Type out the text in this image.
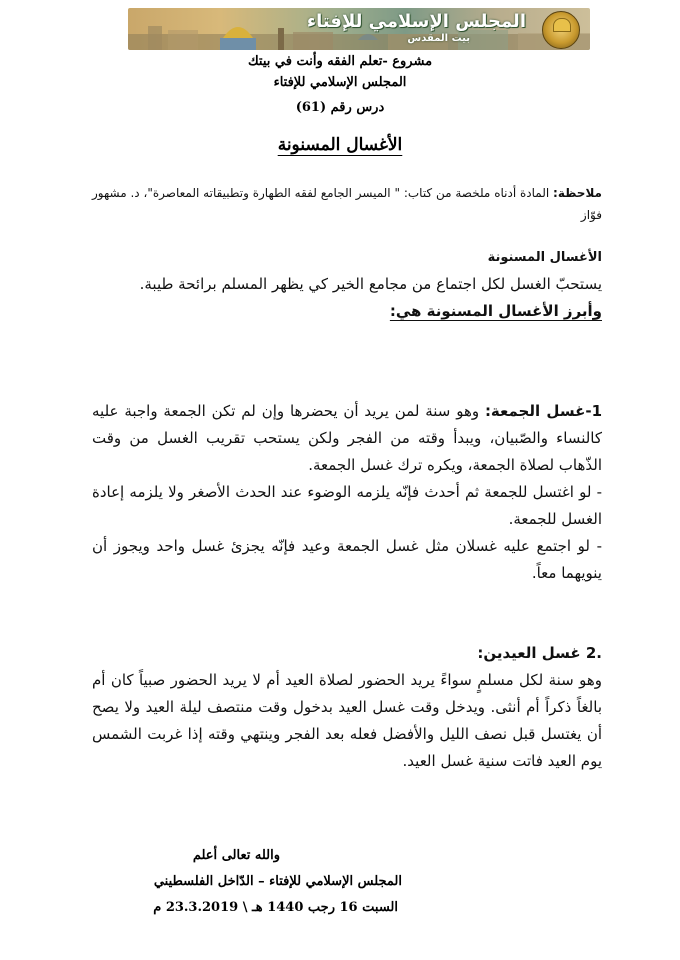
المجلس الإسلامي للإفتاء
بيت المقدس
مشروع -تعلم الفقه وأنت في بيتك
المجلس الإسلامي للإفتاء
درس رقم (61)
الأغسال المسنونة
ملاحظة: المادة أدناه ملخصة من كتاب: " الميسر الجامع لفقه الطهارة وتطبيقاته المعاصرة"، د. مشهور فوّاز
الأغسال المسنونة
يستحبّ الغسل لكل اجتماع من مجامع الخير كي يظهر المسلم برائحة طيبة.
وأبرز الأغسال المسنونة هي:
1-غسل الجمعة: وهو سنة لمن يريد أن يحضرها وإن لم تكن الجمعة واجبة عليه كالنساء والصّبيان، ويبدأ وقته من الفجر ولكن يستحب تقريب الغسل من وقت الذّهاب لصلاة الجمعة، ويكره ترك غسل الجمعة.
- لو اغتسل للجمعة ثم أحدث فإنّه يلزمه الوضوء عند الحدث الأصغر ولا يلزمه إعادة الغسل للجمعة.
- لو اجتمع عليه غسلان مثل غسل الجمعة وعيد فإنّه يجزئ غسل واحد ويجوز أن ينويهما معاً.
.2 غسل العيدين:
وهو سنة لكل مسلمٍ سواءً يريد الحضور لصلاة العيد أم لا يريد الحضور صبياً كان أم بالغاً ذكراً أم أنثى. ويدخل وقت غسل العيد بدخول وقت منتصف ليلة العيد ولا يصح أن يغتسل قبل نصف الليل والأفضل فعله بعد الفجر وينتهي وقته إذا غربت الشمس يوم العيد فاتت سنية غسل العيد.
والله تعالى أعلم
المجلس الإسلامي للإفتاء – الدّاخل الفلسطيني
السبت 16 رجب 1440 هـ \ 23.3.2019 م
